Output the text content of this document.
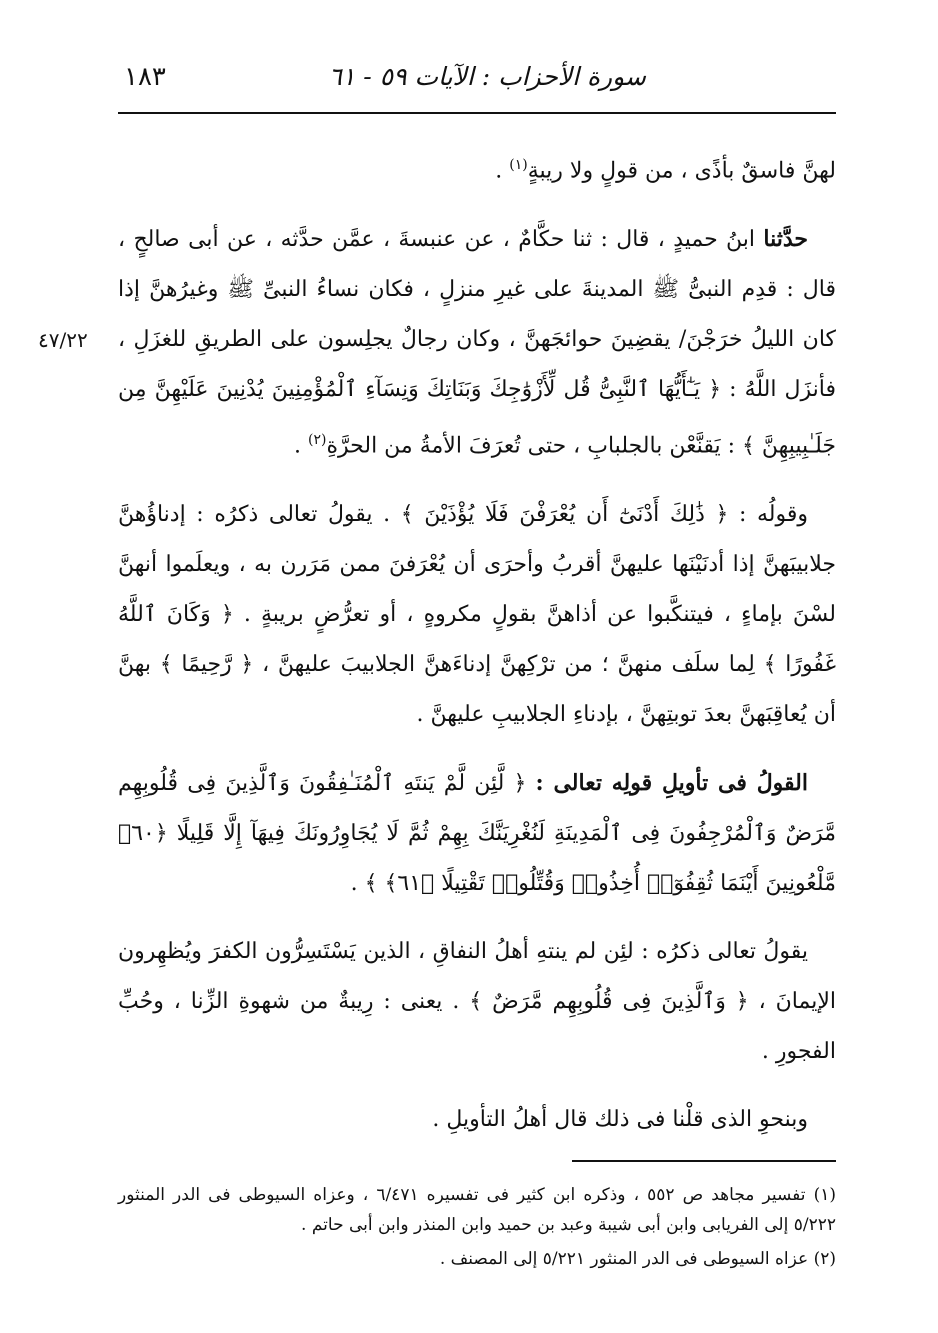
١٨٣	سورة الأحزاب : الآيات ٥٩ - ٦١
٤٧/٢٢

لهنَّ فاسقٌ بأذًى ، من قولٍ ولا ريبةٍ$^{(١)}$ .

حدَّثنا ابنُ حميدٍ ، قال : ثنا حكَّامٌ ، عن عنبسةَ ، عمَّن حدَّثه ، عن أبى صالحٍ ، قال : قدِم النبىُّ ﷺ المدينةَ على غيرِ منزلٍ ، فكان نساءُ النبىِّ ﷺ وغيرُهنَّ إذا كان الليلُ خرَجْنَ/ يقضِينَ حوائجَهنَّ ، وكان رجالٌ يجلِسون على الطريقِ للغزَلِ ، فأنزَل اللَّهُ : ﴿ يَـٰٓأَيُّهَا ٱلنَّبِىُّ قُل لِّأَزْوَٰجِكَ وَبَنَاتِكَ وَنِسَآءِ ٱلْمُؤْمِنِينَ يُدْنِينَ عَلَيْهِنَّ مِن جَلَـٰبِيبِهِنَّ ﴾ : يَقنَّعْن بالجلبابِ ، حتى تُعرَفَ الأمةُ من الحرَّةِ$^{(٢)}$ .

وقولُه : ﴿ ذَٰلِكَ أَدْنَىٰٓ أَن يُعْرَفْنَ فَلَا يُؤْذَيْنَ ﴾ . يقولُ تعالى ذكرُه : إدناؤُهنَّ جلابيبَهنَّ إذا أدنَيْنَها عليهنَّ أقربُ وأحرَى أن يُعْرَفنَ ممن مَرَرن به ، ويعلَموا أنهنَّ لسْنَ بإماءٍ ، فيتنكَّبوا عن أذاهنَّ بقولٍ مكروهٍ ، أو تعرُّضٍ بريبةٍ . ﴿ وَكَانَ ٱللَّهُ غَفُورًا ﴾ لِما سلَف منهنَّ ؛ من ترْكِهنَّ إدناءَهنَّ الجلابيبَ عليهنَّ ، ﴿ رَّحِيمًا ﴾ بهنَّ أن يُعاقِبَهنَّ بعدَ توبتِهنَّ ، بإدناءِ الجلابيبِ عليهنَّ .

القولُ فى تأويلِ قولِه تعالى : ﴿ لَّئِن لَّمْ يَنتَهِ ٱلْمُنَـٰفِقُونَ وَٱلَّذِينَ فِى قُلُوبِهِم مَّرَضٌ وَٱلْمُرْجِفُونَ فِى ٱلْمَدِينَةِ لَنُغْرِيَنَّكَ بِهِمْ ثُمَّ لَا يُجَاوِرُونَكَ فِيهَآ إِلَّا قَلِيلًا ﴿٦٠﴾ مَّلْعُونِينَ أَيْنَمَا ثُقِفُوٓا۟ أُخِذُوا۟ وَقُتِّلُوا۟ تَقْتِيلًا ﴿٦١﴾ ﴾ .

يقولُ تعالى ذكرُه : لئِن لم ينتهِ أهلُ النفاقِ ، الذين يَسْتَسِرُّون الكفرَ ويُظهِرون الإيمانَ ، ﴿ وَٱلَّذِينَ فِى قُلُوبِهِم مَّرَضٌ ﴾ . يعنى : رِيبةٌ من شهوةِ الزِّنا ، وحُبِّ الفجورِ .

وبنحوِ الذى قلْنا فى ذلك قال أهلُ التأويلِ .

(١) تفسير مجاهد ص ٥٥٢ ، وذكره ابن كثير فى تفسيره ٦/٤٧١ ، وعزاه السيوطى فى الدر المنثور ٥/٢٢٢ إلى الفريابى وابن أبى شيبة وعبد بن حميد وابن المنذر وابن أبى حاتم .

(٢) عزاه السيوطى فى الدر المنثور ٥/٢٢١ إلى المصنف .
